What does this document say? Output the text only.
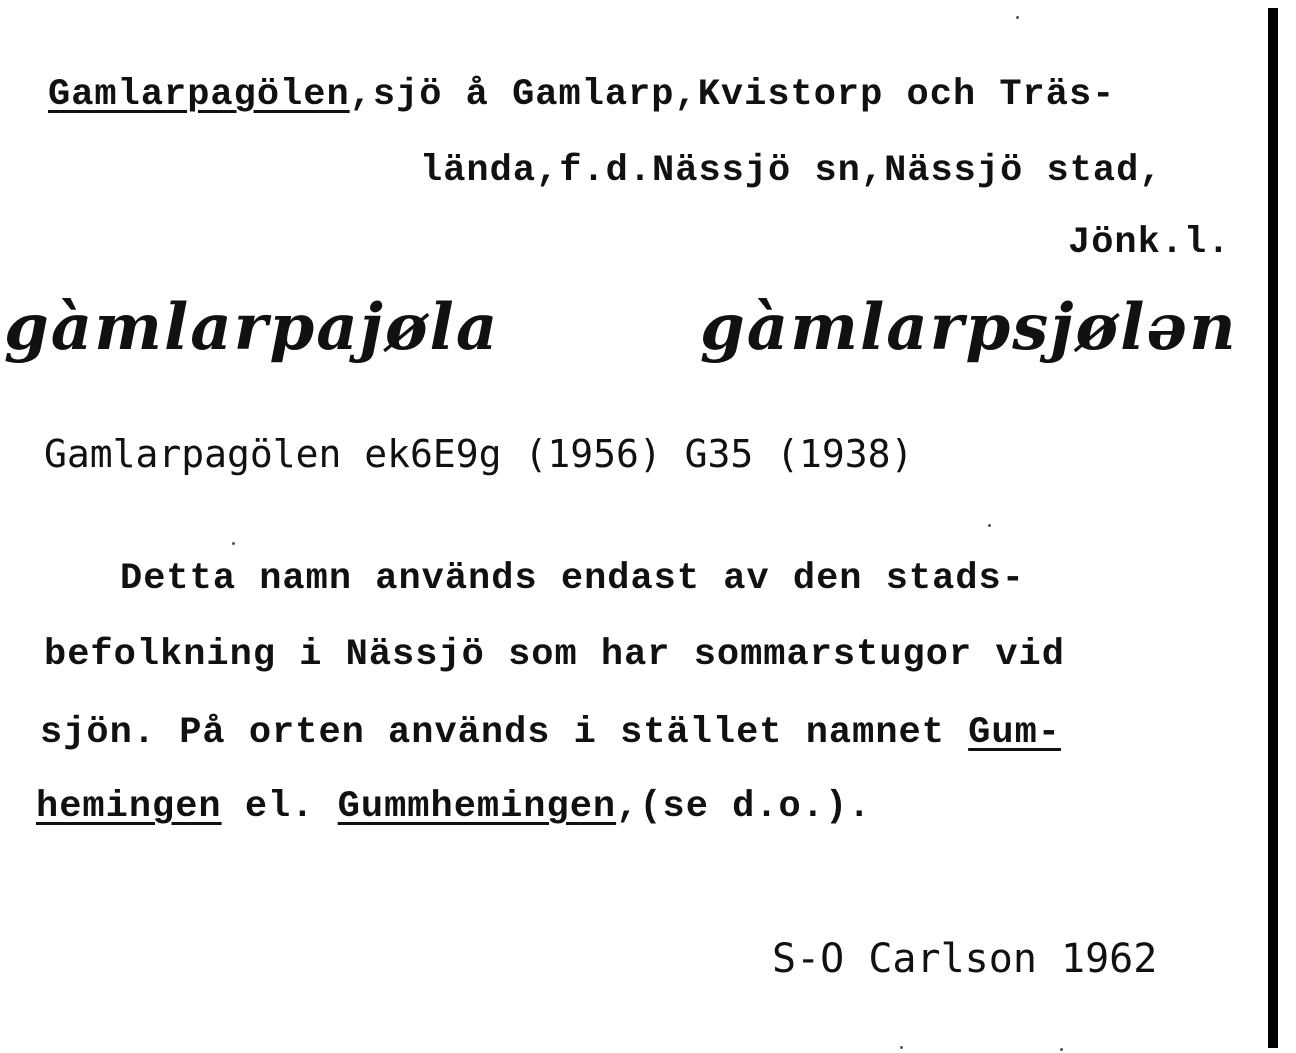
Gamlarpagölen,sjö å Gamlarp,Kvistorp och Träs-
lända,f.d.Nässjö sn,Nässjö stad,
Jönk.l.
gàmlarpajøla	gàmlarpsjølən
Gamlarpagölen ek6E9g (1956) G35 (1938)
Detta namn används endast av den stads-
befolkning i Nässjö som har sommarstugor vid
sjön. På orten används i stället namnet Gum-
hemingen el. Gummhemingen,(se d.o.).
S-O Carlson 1962
